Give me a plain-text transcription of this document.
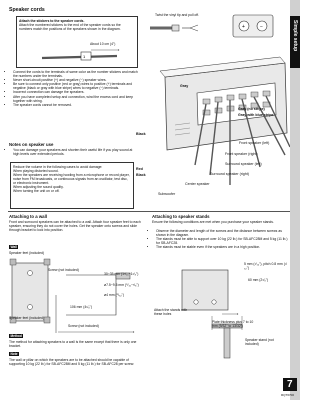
Speaker cords

Attach the stickers to the speaker cords.

Attach the numbered stickers to the end of the speaker cords so the numbers match the positions of the speakers shown in the diagram.

1

About 10 cm (4")

Twist the vinyl tip and pull off.

+	−
• Connect the cords to the terminals of same color as the number stickers and match the numbers under the terminals.
• Never short-circuit positive (+) and negative (−) speaker wires.
• Be sure to connect only positive (red or gray) wires to positive (+) terminals and negative (black or gray with blue stripe) wires to negative (−) terminals.
• Incorrect connection can damage the speakers.
• After you have completed setup and connection, wind the excess cord and keep together with string.
• The speaker cords cannot be removed.

Notes on speaker use

• You can damage your speakers and shorten their useful life if you play sound at high levels over extended periods.

Reduce the volume in the following cases to avoid damage:

When playing distorted sound.

When the speakers are receiving howling from a microphone or record player, noise from FM broadcasts, or continuous signals from an oscillator, test disc, or electronic instrument.

When adjusting the sound quality.

When turning the unit on or off.

Gray
Black
Red
Black
Gray (no stripe)
Gray with blue stripe
Front speaker (left)
Front speaker (right)
Surround speaker (left)
Surround speaker (right)
Center speaker
Subwoofer
Simple setup

Attaching to a wall

Front and surround speakers can be attached to a wall. Attach four speaker feet to each speaker, ensuring they do not cover the holes. Get the speaker onto screws and slide through bracket to lock into position.

Wall

Speaker feet (included)

Screw (not included)

30~35 mm (1³/₁₆~1³/₈")

ø7.5~9.5 mm (⁵/₁₆~³/₈")

ø4 mm (⁵/₃₂")

106 mm (4¹/₈")

Speaker feet (included)

Screw (not included)

Method

The method for attaching speakers to a wall is the same except that there is only one bracket.

Note

The wall or pillar on which the speakers are to be attached should be capable of supporting 10 kg (22 lb.) for SB-AFC28M and 5 kg (11 lb.) for SB-AFC28 per screw.

Attaching to speaker stands

Ensure the following conditions are met when you purchase your speaker stands.

• Observe the diameter and length of the screws and the distance between screws as shown in the diagram.
• The stands must be able to support over 10 kg (22 lb.) for SB-AFC28M and 5 kg (11 lb.) for SB-AFC28.
• The stands must be stable even if the speakers are in a high position.

5 mm (³/₁₆"), pitch 0.8 mm (¹/₃₂")

60 mm (2³/₈")

Attach the stands with these holes

Plate thickness plus 7 to 10 mm (9/32" to 13/32")

Speaker stand (not included)

7
RQT6700
